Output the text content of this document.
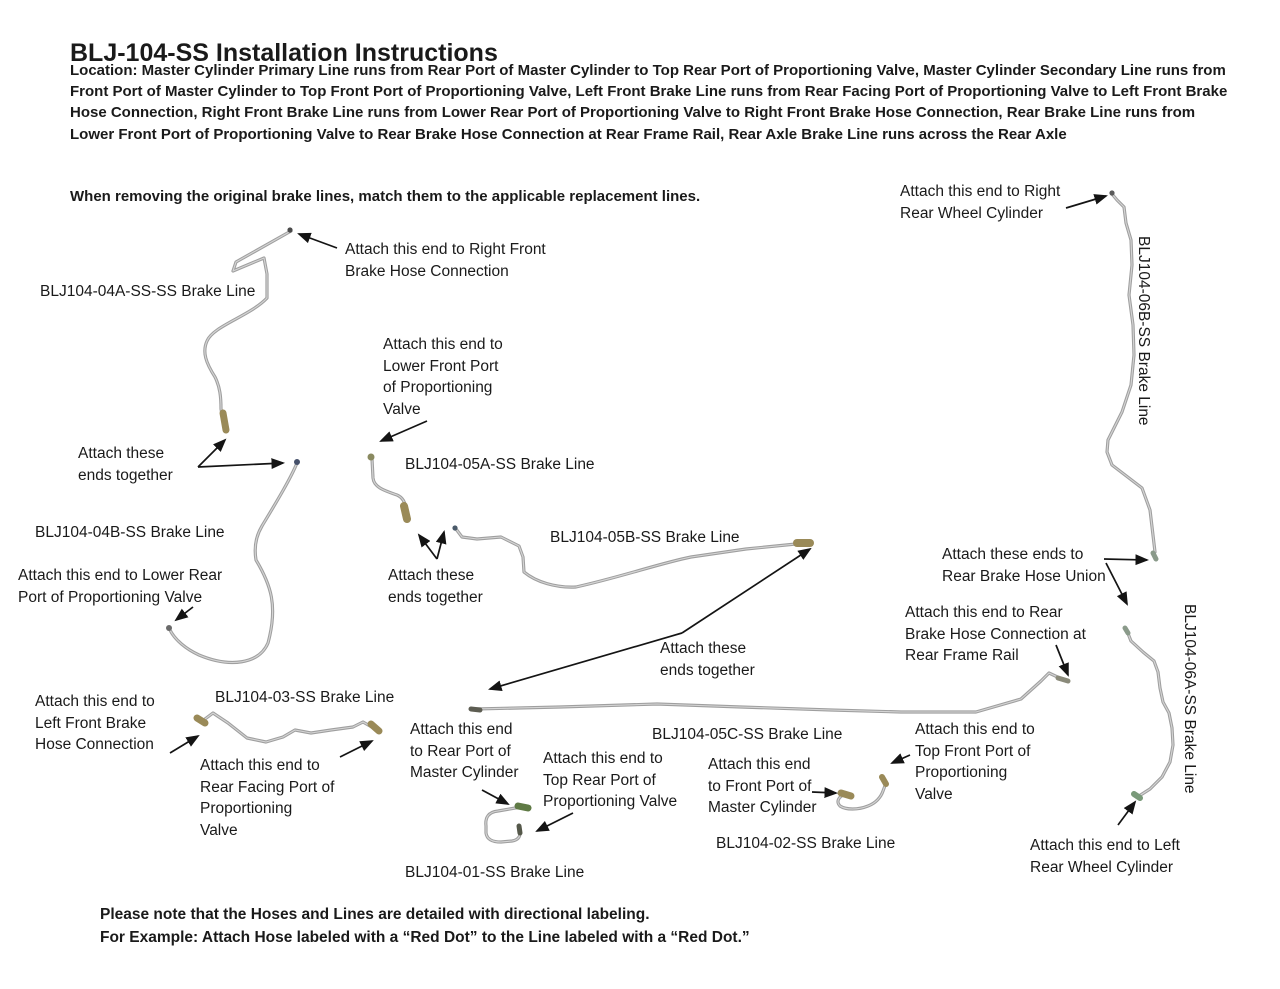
BLJ-104-SS Installation Instructions
Location: Master Cylinder Primary Line runs from Rear Port of Master Cylinder to Top Rear Port of Proportioning Valve, Master Cylinder Secondary Line runs from Front Port of Master Cylinder to Top Front Port of Proportioning Valve, Left Front Brake Line runs from Rear Facing Port of Proportioning Valve to Left Front Brake Hose Connection, Right Front Brake Line runs from Lower Rear Port of Proportioning Valve to Right Front Brake Hose Connection, Rear Brake Line runs from Lower Front Port of Proportioning Valve to Rear Brake Hose Connection at Rear Frame Rail, Rear Axle Brake Line runs across the Rear Axle
When removing the original brake lines, match them to the applicable replacement lines.
BLJ104-04A-SS-SS Brake Line
BLJ104-04B-SS Brake Line
BLJ104-05A-SS Brake Line
BLJ104-05B-SS Brake Line
BLJ104-05C-SS Brake Line
BLJ104-03-SS Brake Line
BLJ104-01-SS Brake Line
BLJ104-02-SS Brake Line
BLJ104-06B-SS Brake Line
BLJ104-06A-SS Brake Line
Attach this end to Right
Rear Wheel Cylinder
Attach this end to Right Front
Brake Hose Connection
Attach this end to
Lower Front Port
of Proportioning
Valve
Attach these
ends together
Attach this end to Lower Rear
Port of Proportioning Valve
Attach these
ends together
Attach these
ends together
Attach these ends to
Rear Brake Hose Union
Attach this end to Rear
Brake Hose Connection at
Rear Frame Rail
Attach this end to
Left Front Brake
Hose Connection
Attach this end to
Rear Facing Port of
Proportioning
Valve
Attach this end
to Rear Port of
Master Cylinder
Attach this end to
Top Rear Port of
Proportioning Valve
Attach this end
to Front Port of
Master Cylinder
Attach this end to
Top Front Port of
Proportioning
Valve
Attach this end to Left
Rear Wheel Cylinder
Please note that the Hoses and Lines are detailed with directional labeling.
For Example: Attach Hose labeled with a “Red Dot” to the Line labeled with a “Red Dot.”
